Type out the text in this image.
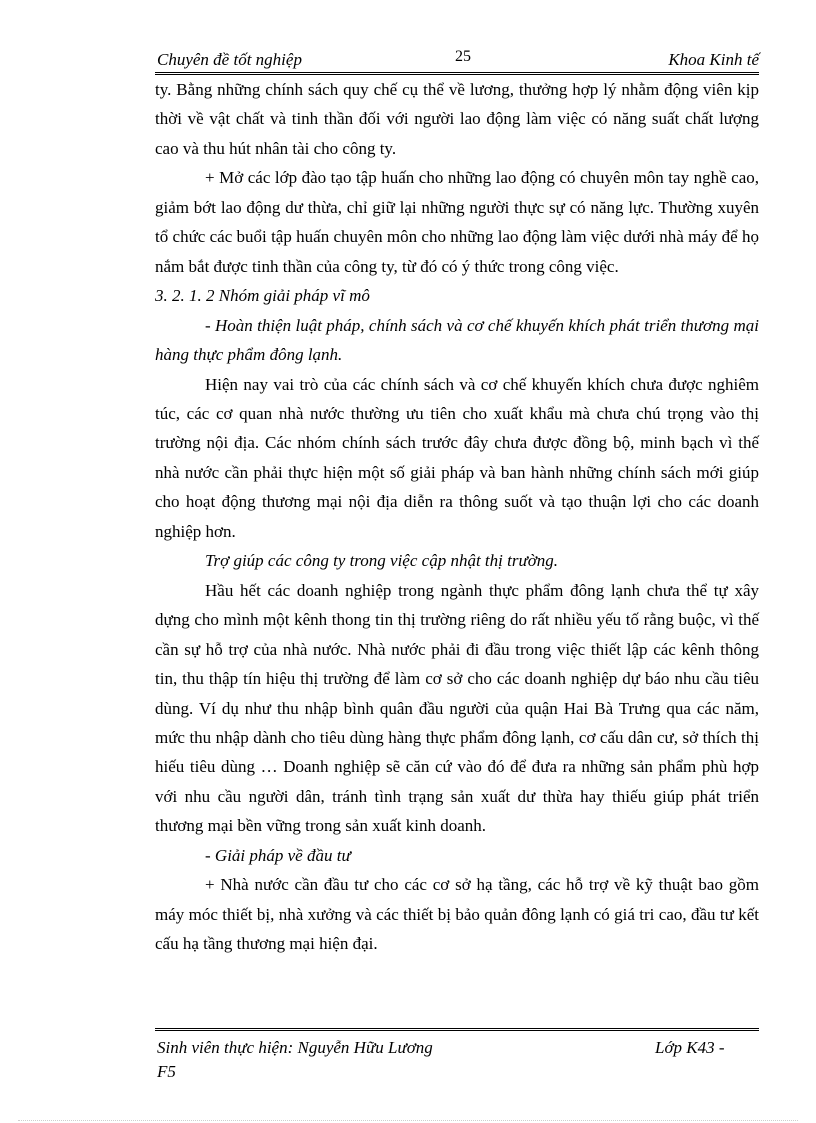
Chuyên đề tốt nghiệp	25	Khoa Kinh tế

ty. Bằng những chính sách quy chế cụ thể về lương, thưởng hợp lý nhằm động viên kịp thời về vật chất và tinh thần đối với người lao động làm việc có năng suất chất lượng cao và thu hút nhân tài cho công ty.

+ Mở các lớp đào tạo tập huấn cho những lao động có chuyên môn tay nghề cao, giảm bớt lao động dư thừa, chỉ giữ lại những người thực sự có năng lực. Thường xuyên tổ chức các buổi tập huấn chuyên môn cho những lao động làm việc dưới nhà máy để họ nắm bắt được tinh thần của công ty, từ đó có ý thức trong công việc.

3. 2. 1. 2 Nhóm giải pháp vĩ mô

- Hoàn thiện luật pháp, chính sách và cơ chế khuyến khích phát triển thương mại hàng thực phẩm đông lạnh.

Hiện nay vai trò của các chính sách và cơ chế khuyến khích chưa được nghiêm túc, các cơ quan nhà nước thường ưu tiên cho xuất khẩu mà chưa chú trọng vào thị trường nội địa. Các nhóm chính sách trước đây chưa được đồng bộ, minh bạch vì thế nhà nước cần phải thực hiện một số giải pháp và ban hành những chính sách mới giúp cho hoạt động thương mại nội địa diễn ra thông suốt và tạo thuận lợi cho các doanh nghiệp hơn.

Trợ giúp các công ty trong việc cập nhật thị trường.

Hầu hết các doanh nghiệp trong ngành thực phẩm đông lạnh chưa thể tự xây dựng cho mình một kênh thong tin thị trường riêng do rất nhiều yếu tố rằng buộc, vì thế cần sự hỗ trợ của nhà nước. Nhà nước phải đi đầu trong việc thiết lập các kênh thông tin, thu thập tín hiệu thị trường để làm cơ sở cho các doanh nghiệp dự báo nhu cầu tiêu dùng. Ví dụ như thu nhập bình quân đầu người của quận Hai Bà Trưng qua các năm, mức thu nhập dành cho tiêu dùng hàng thực phẩm đông lạnh, cơ cấu dân cư, sở thích thị hiếu tiêu dùng … Doanh nghiệp sẽ căn cứ vào đó để đưa ra những sản phẩm phù hợp với nhu cầu người dân, tránh tình trạng sản xuất dư thừa hay thiếu giúp phát triển thương mại bền vững trong sản xuất kinh doanh.

- Giải pháp về đầu tư

+ Nhà nước cần đầu tư cho các cơ sở hạ tầng, các hỗ trợ về kỹ thuật bao gồm máy móc thiết bị, nhà xưởng và các thiết bị bảo quản đông lạnh có giá tri cao, đầu tư kết cấu hạ tầng thương mại hiện đại.

Sinh viên thực hiện: Nguyễn Hữu Lương	Lớp K43 -
F5
